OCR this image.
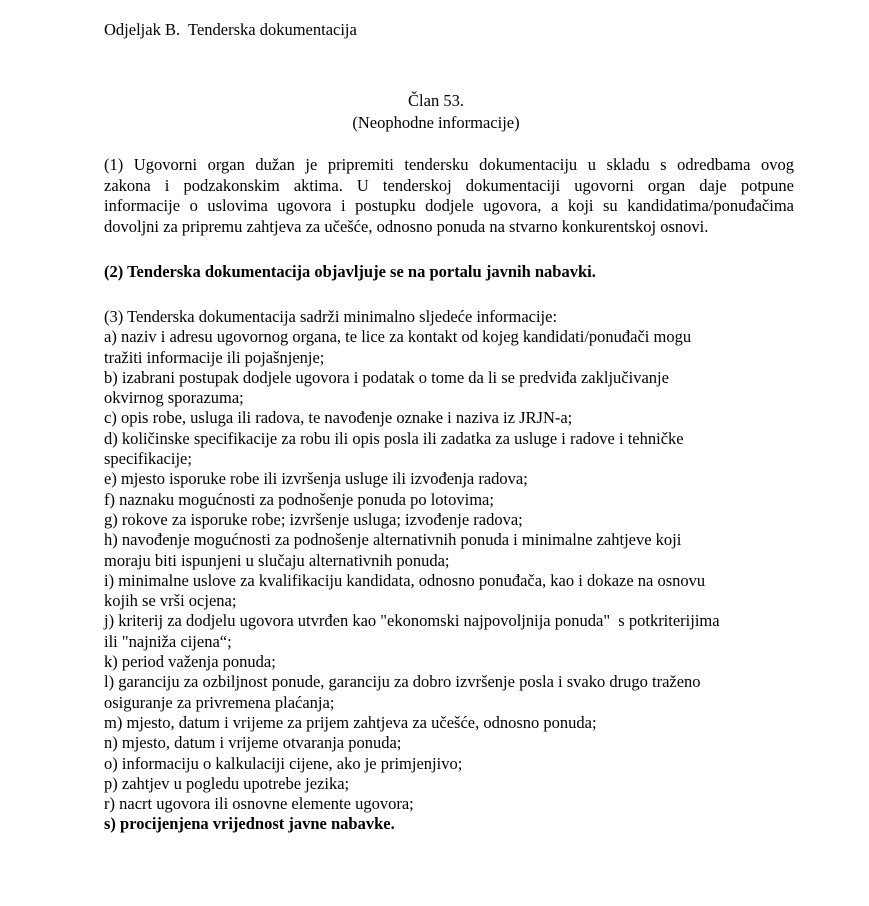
Odjeljak B.  Tenderska dokumentacija
Član 53.
(Neophodne informacije)
(1) Ugovorni organ dužan je pripremiti tendersku dokumentaciju u skladu s odredbama ovog
zakona i podzakonskim aktima. U tenderskoj dokumentaciji ugovorni organ daje potpune
informacije o uslovima ugovora i postupku dodjele ugovora, a koji su kandidatima/ponuđačima
dovoljni za pripremu zahtjeva za učešće, odnosno ponuda na stvarno konkurentskoj osnovi.
(2) Tenderska dokumentacija objavljuje se na portalu javnih nabavki.
(3) Tenderska dokumentacija sadrži minimalno sljedeće informacije:
a) naziv i adresu ugovornog organa, te lice za kontakt od kojeg kandidati/ponuđači mogu
tražiti informacije ili pojašnjenje;
b) izabrani postupak dodjele ugovora i podatak o tome da li se predviđa zaključivanje
okvirnog sporazuma;
c) opis robe, usluga ili radova, te navođenje oznake i naziva iz JRJN-a;
d) količinske specifikacije za robu ili opis posla ili zadatka za usluge i radove i tehničke
specifikacije;
e) mjesto isporuke robe ili izvršenja usluge ili izvođenja radova;
f) naznaku mogućnosti za podnošenje ponuda po lotovima;
g) rokove za isporuke robe; izvršenje usluga; izvođenje radova;
h) navođenje mogućnosti za podnošenje alternativnih ponuda i minimalne zahtjeve koji
moraju biti ispunjeni u slučaju alternativnih ponuda;
i) minimalne uslove za kvalifikaciju kandidata, odnosno ponuđača, kao i dokaze na osnovu
kojih se vrši ocjena;
j) kriterij za dodjelu ugovora utvrđen kao "ekonomski najpovoljnija ponuda"  s potkriterijima
ili "najniža cijena“;
k) period važenja ponuda;
l) garanciju za ozbiljnost ponude, garanciju za dobro izvršenje posla i svako drugo traženo
osiguranje za privremena plaćanja;
m) mjesto, datum i vrijeme za prijem zahtjeva za učešće, odnosno ponuda;
n) mjesto, datum i vrijeme otvaranja ponuda;
o) informaciju o kalkulaciji cijene, ako je primjenjivo;
p) zahtjev u pogledu upotrebe jezika;
r) nacrt ugovora ili osnovne elemente ugovora;
s) procijenjena vrijednost javne nabavke.
